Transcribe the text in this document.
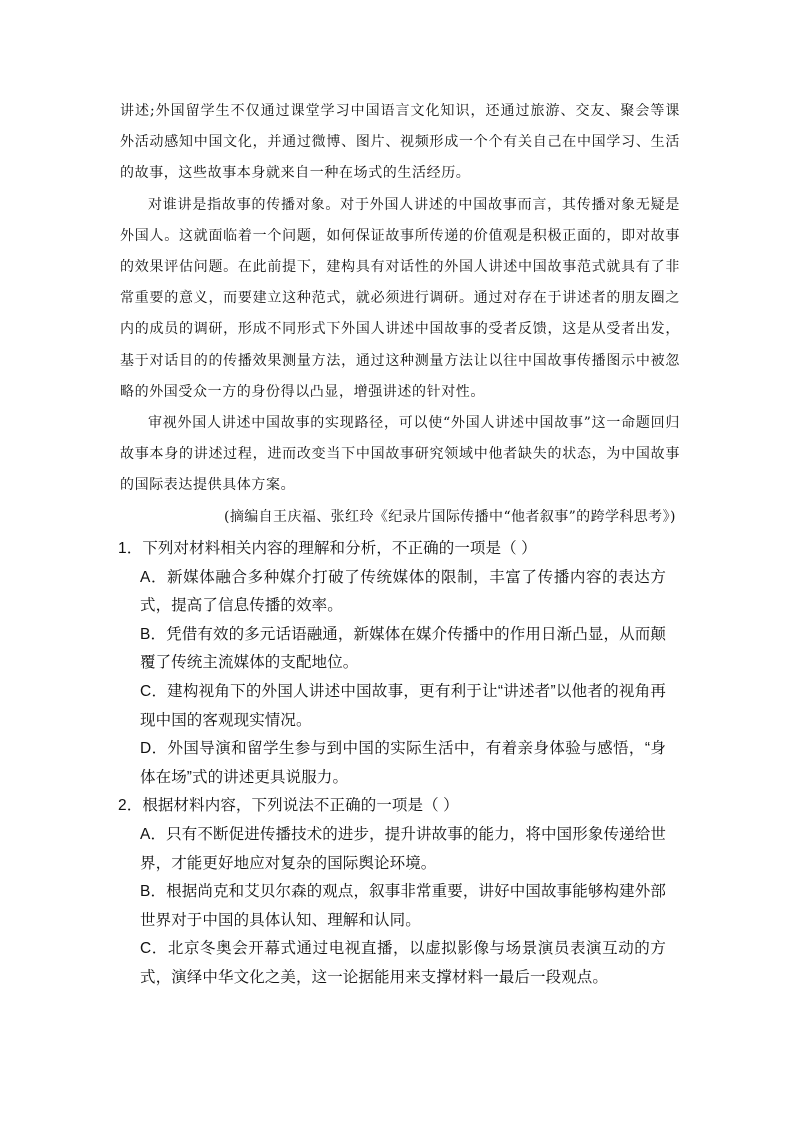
讲述;外国留学生不仅通过课堂学习中国语言文化知识，还通过旅游、交友、聚会等课外活动感知中国文化，并通过微博、图片、视频形成一个个有关自己在中国学习、生活的故事，这些故事本身就来自一种在场式的生活经历。

对谁讲是指故事的传播对象。对于外国人讲述的中国故事而言，其传播对象无疑是外国人。这就面临着一个问题，如何保证故事所传递的价值观是积极正面的，即对故事的效果评估问题。在此前提下，建构具有对话性的外国人讲述中国故事范式就具有了非常重要的意义，而要建立这种范式，就必须进行调研。通过对存在于讲述者的朋友圈之内的成员的调研，形成不同形式下外国人讲述中国故事的受者反馈，这是从受者出发，基于对话目的的传播效果测量方法，通过这种测量方法让以往中国故事传播图示中被忽略的外国受众一方的身份得以凸显，增强讲述的针对性。

审视外国人讲述中国故事的实现路径，可以使“外国人讲述中国故事”这一命题回归故事本身的讲述过程，进而改变当下中国故事研究领域中他者缺失的状态，为中国故事的国际表达提供具体方案。

(摘编自王庆福、张红玲《纪录片国际传播中“他者叙事”的跨学科思考》)

1．下列对材料相关内容的理解和分析，不正确的一项是（ ）

A．新媒体融合多种媒介打破了传统媒体的限制，丰富了传播内容的表达方式，提高了信息传播的效率。

B．凭借有效的多元话语融通，新媒体在媒介传播中的作用日渐凸显，从而颠覆了传统主流媒体的支配地位。

C．建构视角下的外国人讲述中国故事，更有利于让“讲述者”以他者的视角再现中国的客观现实情况。

D．外国导演和留学生参与到中国的实际生活中，有着亲身体验与感悟，“身体在场”式的讲述更具说服力。

2．根据材料内容，下列说法不正确的一项是（ ）

A．只有不断促进传播技术的进步，提升讲故事的能力，将中国形象传递给世界，才能更好地应对复杂的国际舆论环境。

B．根据尚克和艾贝尔森的观点，叙事非常重要，讲好中国故事能够构建外部世界对于中国的具体认知、理解和认同。

C．北京冬奥会开幕式通过电视直播，以虚拟影像与场景演员表演互动的方式，演绎中华文化之美，这一论据能用来支撑材料一最后一段观点。
